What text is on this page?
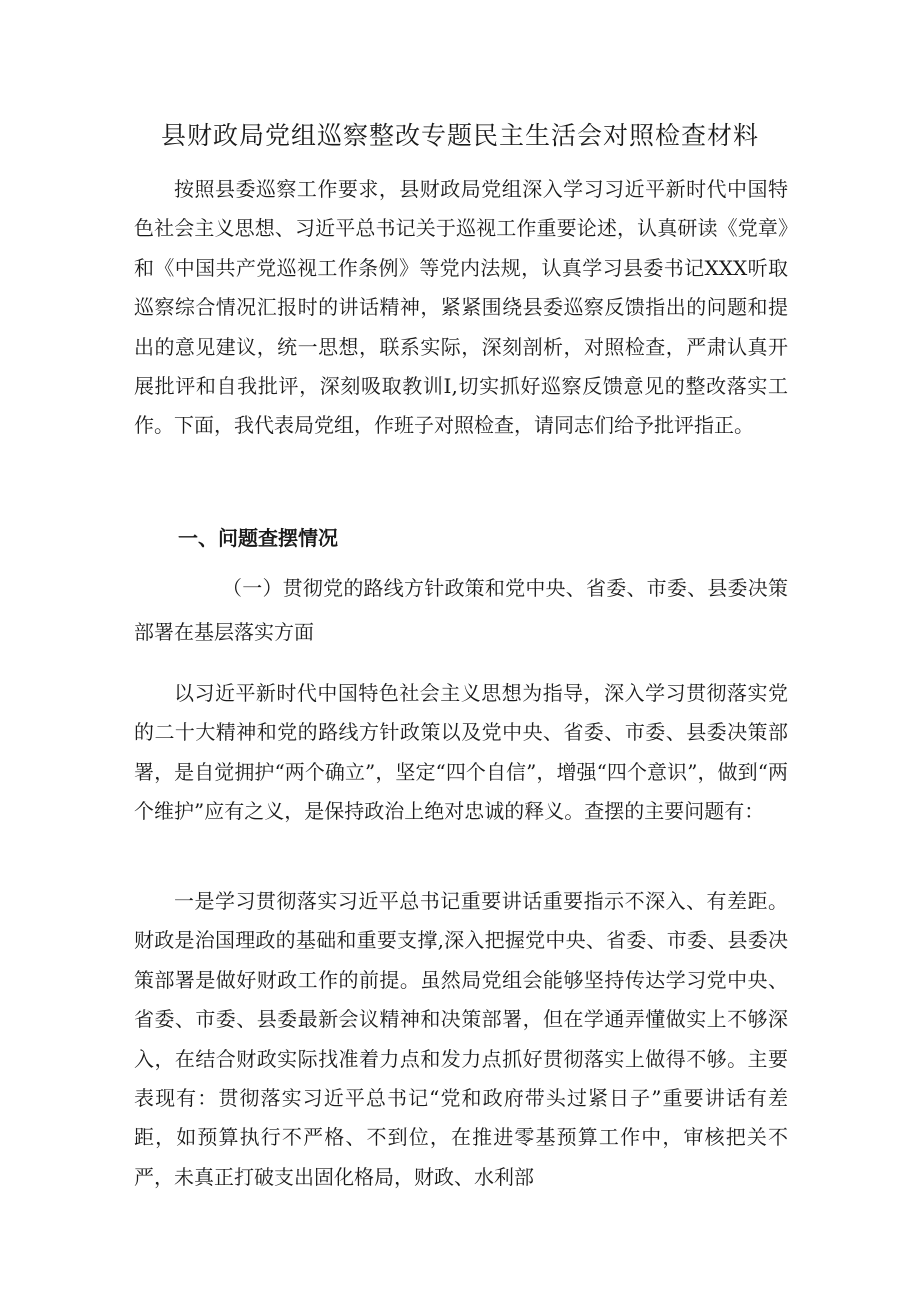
县财政局党组巡察整改专题民主生活会对照检查材料

按照县委巡察工作要求，县财政局党组深入学习习近平新时代中国特色社会主义思想、习近平总书记关于巡视工作重要论述，认真研读《党章》和《中国共产党巡视工作条例》等党内法规，认真学习县委书记XXX听取巡察综合情况汇报时的讲话精神，紧紧围绕县委巡察反馈指出的问题和提出的意见建议，统一思想，联系实际，深刻剖析，对照检查，严肃认真开展批评和自我批评，深刻吸取教训I,切实抓好巡察反馈意见的整改落实工作。下面，我代表局党组，作班子对照检查，请同志们给予批评指正。

一、问题查摆情况

（一）贯彻党的路线方针政策和党中央、省委、市委、县委决策部署在基层落实方面

以习近平新时代中国特色社会主义思想为指导，深入学习贯彻落实党的二十大精神和党的路线方针政策以及党中央、省委、市委、县委决策部署，是自觉拥护“两个确立”，坚定“四个自信”，增强“四个意识”，做到“两个维护”应有之义，是保持政治上绝对忠诚的释义。查摆的主要问题有：

一是学习贯彻落实习近平总书记重要讲话重要指示不深入、有差距。财政是治国理政的基础和重要支撑,深入把握党中央、省委、市委、县委决策部署是做好财政工作的前提。虽然局党组会能够坚持传达学习党中央、省委、市委、县委最新会议精神和决策部署，但在学通弄懂做实上不够深入，在结合财政实际找准着力点和发力点抓好贯彻落实上做得不够。主要表现有：贯彻落实习近平总书记“党和政府带头过紧日子”重要讲话有差距，如预算执行不严格、不到位，在推进零基预算工作中，审核把关不严，未真正打破支出固化格局，财政、水利部
